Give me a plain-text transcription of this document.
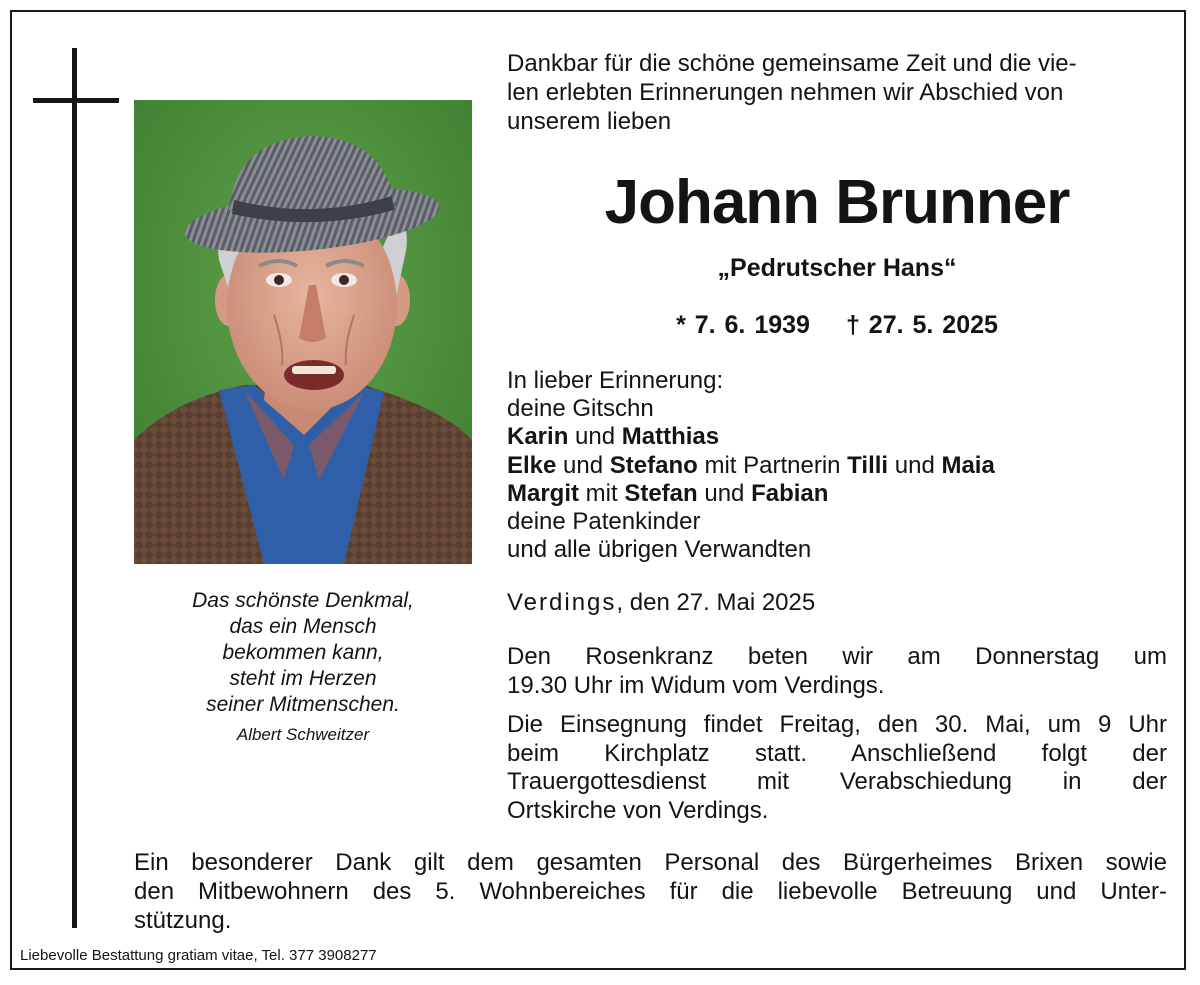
Das schönste Denkmal,
das ein Mensch
bekommen kann,
steht im Herzen
seiner Mitmenschen.
Albert Schweitzer
Dankbar für die schöne gemeinsame Zeit und die vie-
len erlebten Erinnerungen nehmen wir Abschied von
unserem lieben
Johann Brunner
„Pedrutscher Hans“
* 7. 6. 1939 † 27. 5. 2025
In lieber Erinnerung:
deine Gitschn
Karin und Matthias
Elke und Stefano mit Partnerin Tilli und Maia
Margit mit Stefan und Fabian
deine Patenkinder
und alle übrigen Verwandten
Verdings, den 27. Mai 2025
Den Rosenkranz beten wir am Donnerstag um
19.30 Uhr im Widum vom Verdings.
Die Einsegnung findet Freitag, den 30. Mai, um 9 Uhr
beim Kirchplatz statt. Anschließend folgt der
Trauergottesdienst mit Verabschiedung in der
Ortskirche von Verdings.
Ein besonderer Dank gilt dem gesamten Personal des Bürgerheimes Brixen sowie
den Mitbewohnern des 5. Wohnbereiches für die liebevolle Betreuung und Unter-
stützung.
Liebevolle Bestattung gratiam vitae, Tel. 377 3908277
